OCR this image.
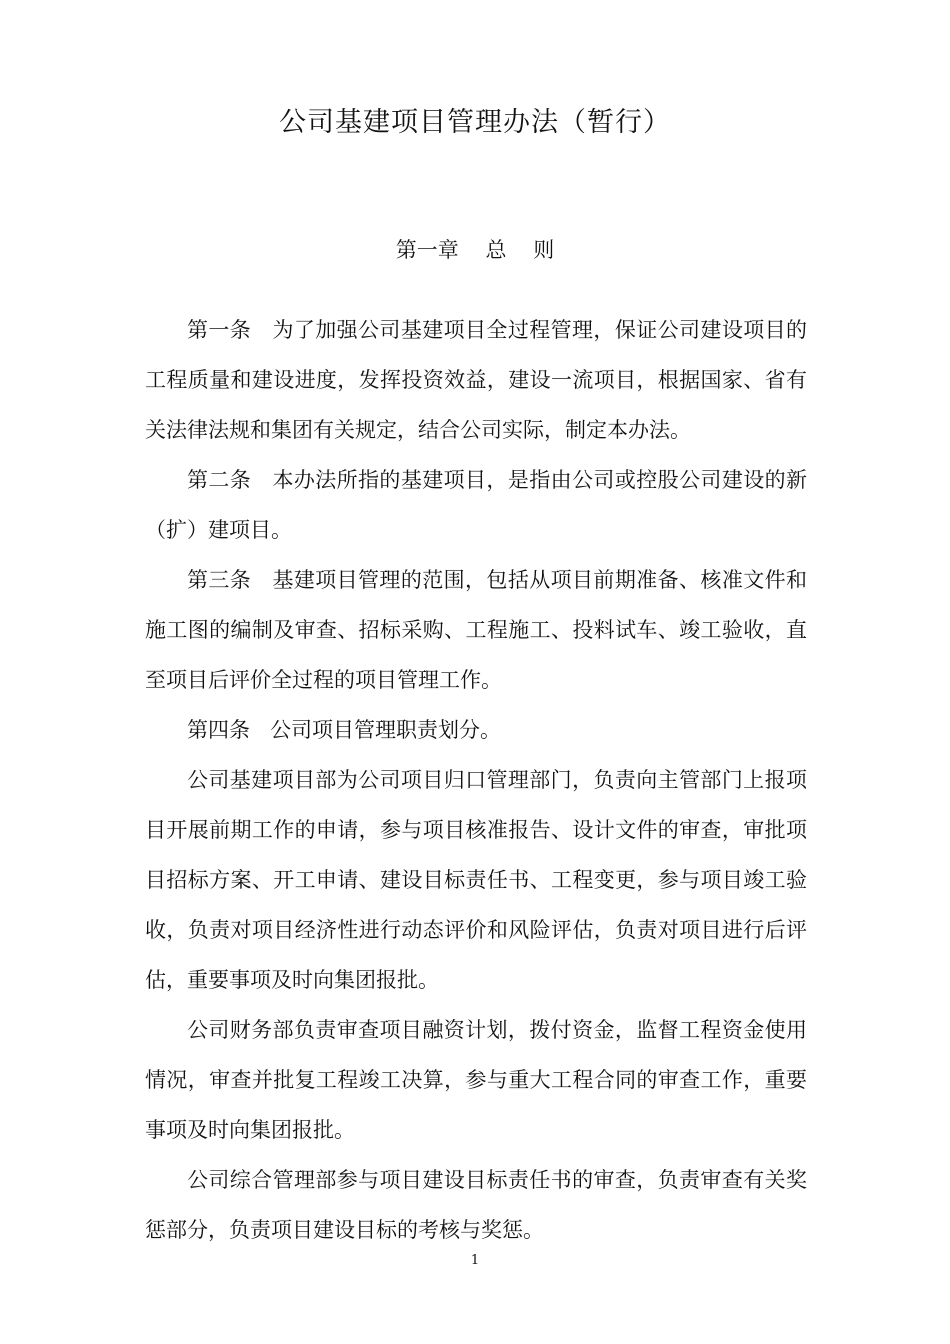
公司基建项目管理办法（暂行）
第一章    总    则

第一条 为了加强公司基建项目全过程管理，保证公司建设项目的工程质量和建设进度，发挥投资效益，建设一流项目，根据国家、省有关法律法规和集团有关规定，结合公司实际，制定本办法。

第二条 本办法所指的基建项目，是指由公司或控股公司建设的新（扩）建项目。

第三条 基建项目管理的范围，包括从项目前期准备、核准文件和施工图的编制及审查、招标采购、工程施工、投料试车、竣工验收，直至项目后评价全过程的项目管理工作。

第四条 公司项目管理职责划分。

公司基建项目部为公司项目归口管理部门，负责向主管部门上报项目开展前期工作的申请，参与项目核准报告、设计文件的审查，审批项目招标方案、开工申请、建设目标责任书、工程变更，参与项目竣工验收，负责对项目经济性进行动态评价和风险评估，负责对项目进行后评估，重要事项及时向集团报批。

公司财务部负责审查项目融资计划，拨付资金，监督工程资金使用情况，审查并批复工程竣工决算，参与重大工程合同的审查工作，重要事项及时向集团报批。

公司综合管理部参与项目建设目标责任书的审查，负责审查有关奖惩部分，负责项目建设目标的考核与奖惩。

1
